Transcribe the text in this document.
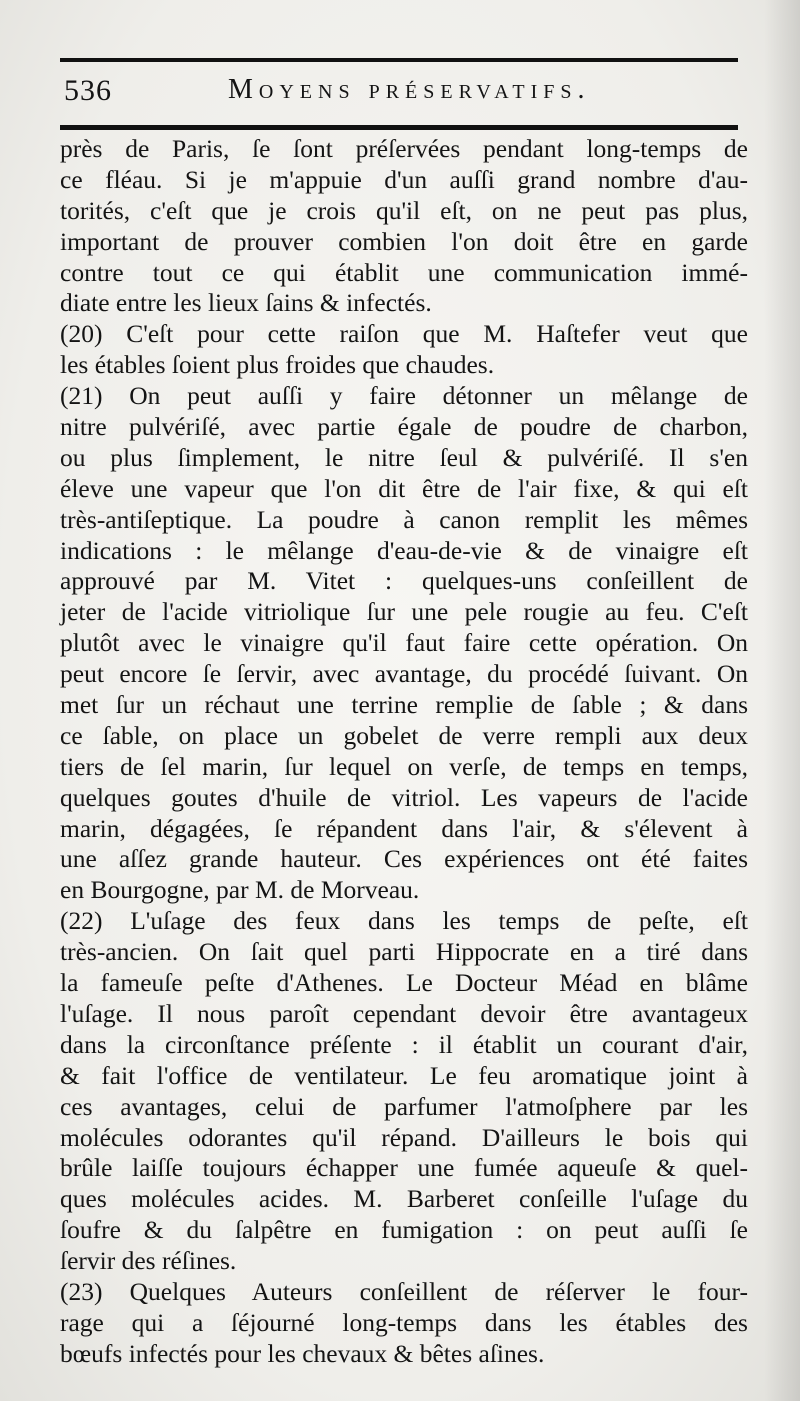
536	Moyens préservatifs.
près de Paris, ſe ſont préſervées pendant long-temps de
ce fléau. Si je m'appuie d'un auſſi grand nombre d'au-
torités, c'eſt que je crois qu'il eſt, on ne peut pas plus,
important de prouver combien l'on doit être en garde
contre tout ce qui établit une communication immé-
diate entre les lieux ſains & infectés.
(20) C'eſt pour cette raiſon que M. Haſtefer veut que
les étables ſoient plus froides que chaudes.
(21) On peut auſſi y faire détonner un mêlange de
nitre pulvériſé, avec partie égale de poudre de charbon,
ou plus ſimplement, le nitre ſeul & pulvériſé. Il s'en
éleve une vapeur que l'on dit être de l'air fixe, & qui eſt
très-antiſeptique. La poudre à canon remplit les mêmes
indications : le mêlange d'eau-de-vie & de vinaigre eſt
approuvé par M. Vitet : quelques-uns conſeillent de
jeter de l'acide vitriolique ſur une pele rougie au feu. C'eſt
plutôt avec le vinaigre qu'il faut faire cette opération. On
peut encore ſe ſervir, avec avantage, du procédé ſuivant. On
met ſur un réchaut une terrine remplie de ſable ; & dans
ce ſable, on place un gobelet de verre rempli aux deux
tiers de ſel marin, ſur lequel on verſe, de temps en temps,
quelques goutes d'huile de vitriol. Les vapeurs de l'acide
marin, dégagées, ſe répandent dans l'air, & s'élevent à
une aſſez grande hauteur. Ces expériences ont été faites
en Bourgogne, par M. de Morveau.
(22) L'uſage des feux dans les temps de peſte, eſt
très-ancien. On ſait quel parti Hippocrate en a tiré dans
la fameuſe peſte d'Athenes. Le Docteur Méad en blâme
l'uſage. Il nous paroît cependant devoir être avantageux
dans la circonſtance préſente : il établit un courant d'air,
& fait l'office de ventilateur. Le feu aromatique joint à
ces avantages, celui de parfumer l'atmoſphere par les
molécules odorantes qu'il répand. D'ailleurs le bois qui
brûle laiſſe toujours échapper une fumée aqueuſe & quel-
ques molécules acides. M. Barberet conſeille l'uſage du
ſoufre & du ſalpêtre en fumigation : on peut auſſi ſe
ſervir des réſines.
(23) Quelques Auteurs conſeillent de réſerver le four-
rage qui a ſéjourné long-temps dans les étables des
bœufs infectés pour les chevaux & bêtes aſines.
